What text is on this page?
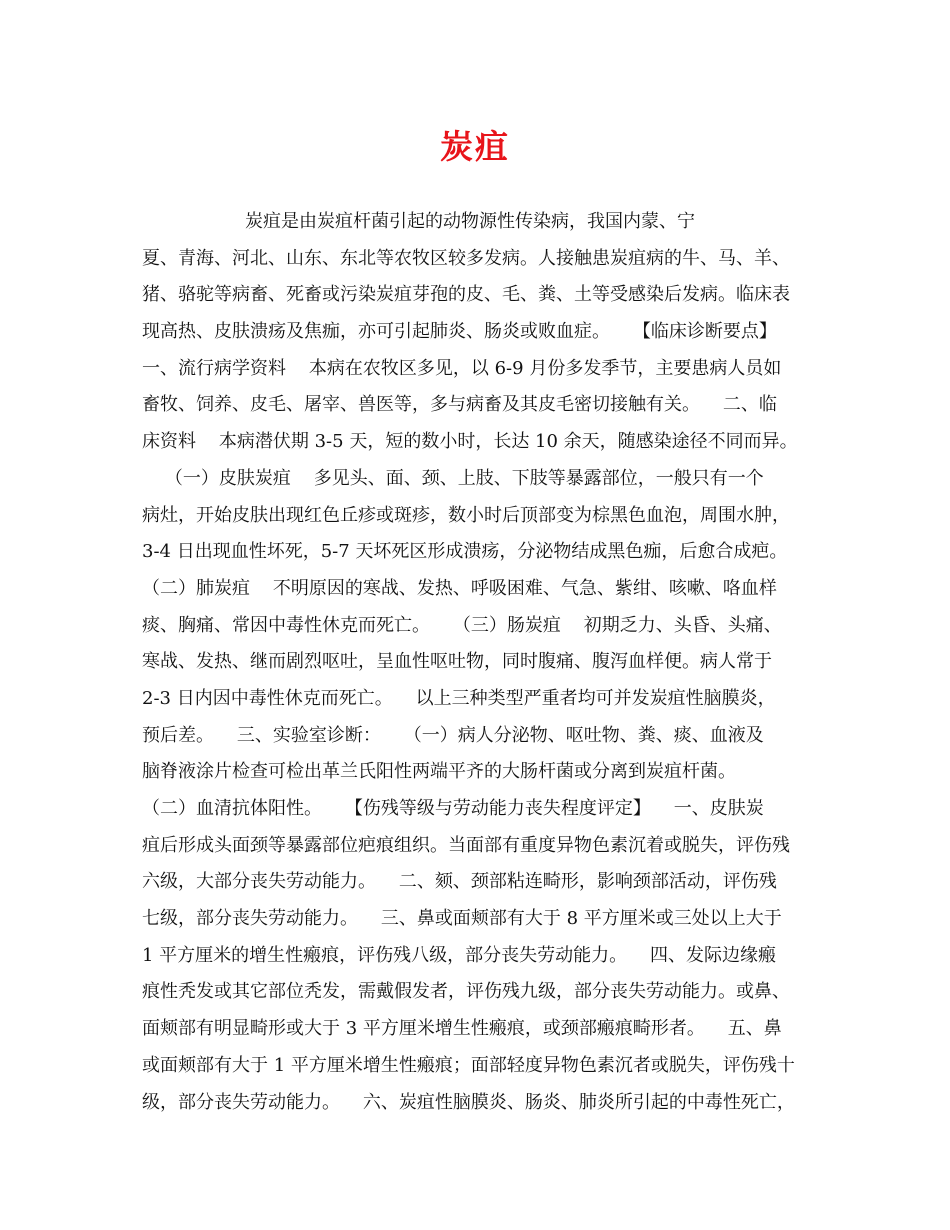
炭疽
炭疽是由炭疽杆菌引起的动物源性传染病，我国内蒙、宁
夏、青海、河北、山东、东北等农牧区较多发病。人接触患炭疽病的牛、马、羊、
猪、骆驼等病畜、死畜或污染炭疽芽孢的皮、毛、粪、土等受感染后发病。临床表
现高热、皮肤溃疡及焦痂，亦可引起肺炎、肠炎或败血症。    【临床诊断要点】
一、流行病学资料    本病在农牧区多见，以 6-9 月份多发季节，主要患病人员如
畜牧、饲养、皮毛、屠宰、兽医等，多与病畜及其皮毛密切接触有关。    二、临
床资料    本病潜伏期 3-5 天，短的数小时，长达 10 余天，随感染途径不同而异。
（一）皮肤炭疽    多见头、面、颈、上肢、下肢等暴露部位，一般只有一个
病灶，开始皮肤出现红色丘疹或斑疹，数小时后顶部变为棕黑色血泡，周围水肿，
3-4 日出现血性坏死，5-7 天坏死区形成溃疡，分泌物结成黑色痂，后愈合成疤。
（二）肺炭疽    不明原因的寒战、发热、呼吸困难、气急、紫绀、咳嗽、咯血样
痰、胸痛、常因中毒性休克而死亡。    （三）肠炭疽    初期乏力、头昏、头痛、
寒战、发热、继而剧烈呕吐，呈血性呕吐物，同时腹痛、腹泻血样便。病人常于
2-3 日内因中毒性休克而死亡。    以上三种类型严重者均可并发炭疽性脑膜炎，
预后差。    三、实验室诊断：    （一）病人分泌物、呕吐物、粪、痰、血液及
脑脊液涂片检查可检出革兰氏阳性两端平齐的大肠杆菌或分离到炭疽杆菌。
（二）血清抗体阳性。    【伤残等级与劳动能力丧失程度评定】    一、皮肤炭
疽后形成头面颈等暴露部位疤痕组织。当面部有重度异物色素沉着或脱失，评伤残
六级，大部分丧失劳动能力。    二、颏、颈部粘连畸形，影响颈部活动，评伤残
七级，部分丧失劳动能力。    三、鼻或面颊部有大于 8 平方厘米或三处以上大于
1 平方厘米的增生性瘢痕，评伤残八级，部分丧失劳动能力。    四、发际边缘瘢
痕性秃发或其它部位秃发，需戴假发者，评伤残九级，部分丧失劳动能力。或鼻、
面颊部有明显畸形或大于 3 平方厘米增生性瘢痕，或颈部瘢痕畸形者。    五、鼻
或面颊部有大于 1 平方厘米增生性瘢痕；面部轻度异物色素沉者或脱失，评伤残十
级，部分丧失劳动能力。    六、炭疽性脑膜炎、肠炎、肺炎所引起的中毒性死亡，
